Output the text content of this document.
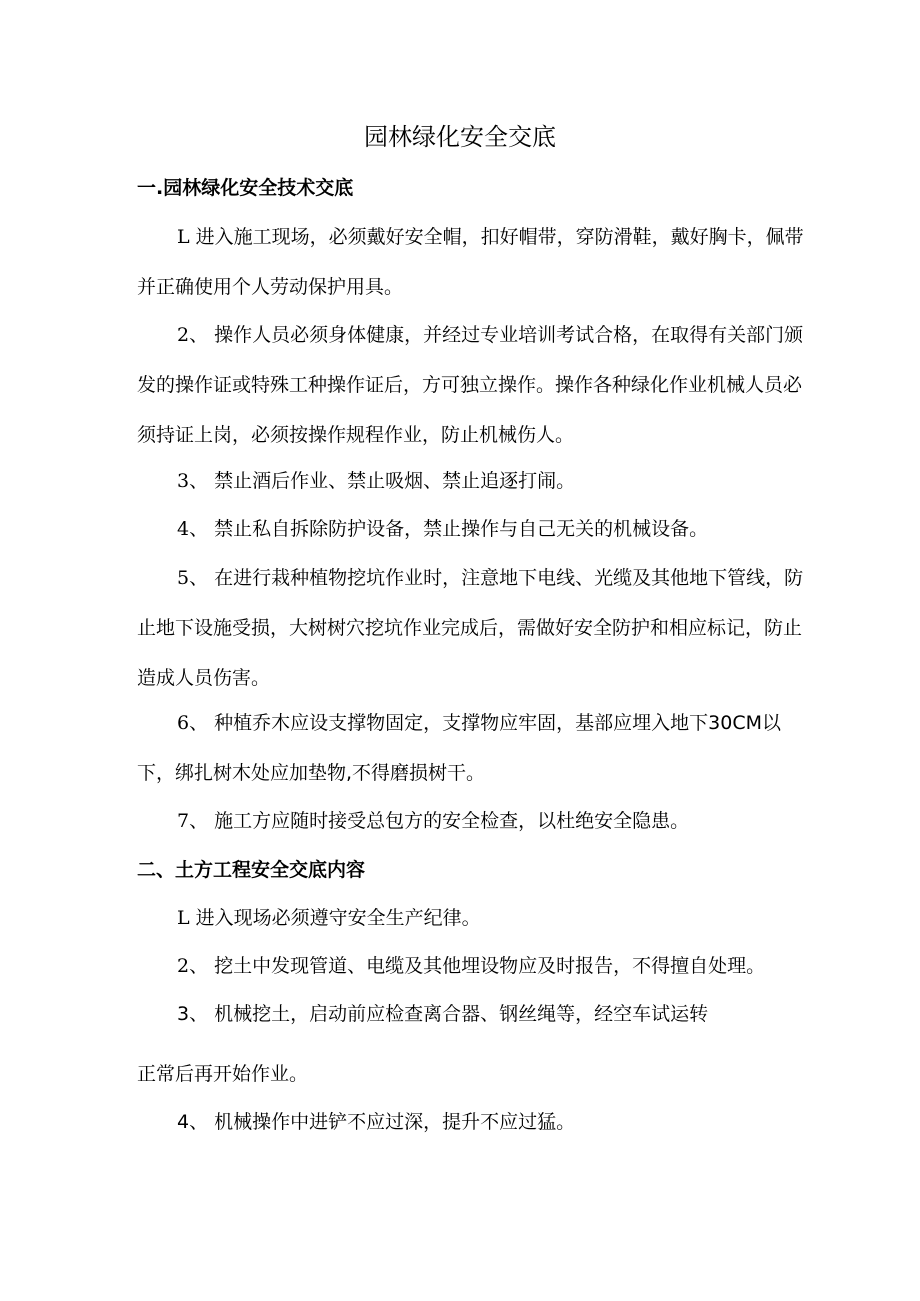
园林绿化安全交底
一.园林绿化安全技术交底

L 进入施工现场，必须戴好安全帽，扣好帽带，穿防滑鞋，戴好胸卡，佩带并正确使用个人劳动保护用具。

2、 操作人员必须身体健康，并经过专业培训考试合格，在取得有关部门颁发的操作证或特殊工种操作证后，方可独立操作。操作各种绿化作业机械人员必须持证上岗，必须按操作规程作业，防止机械伤人。

3、 禁止酒后作业、禁止吸烟、禁止追逐打闹。

4、 禁止私自拆除防护设备，禁止操作与自己无关的机械设备。

5、 在进行栽种植物挖坑作业时，注意地下电线、光缆及其他地下管线，防止地下设施受损，大树树穴挖坑作业完成后，需做好安全防护和相应标记，防止造成人员伤害。

6、 种植乔木应设支撑物固定，支撑物应牢固，基部应埋入地下30CM以下，绑扎树木处应加垫物,不得磨损树干。

7、 施工方应随时接受总包方的安全检查，以杜绝安全隐患。

二、土方工程安全交底内容

L 进入现场必须遵守安全生产纪律。

2、 挖土中发现管道、电缆及其他埋设物应及时报告，不得擅自处理。

3、 机械挖土，启动前应检查离合器、钢丝绳等，经空车试运转
正常后再开始作业。
4、 机械操作中进铲不应过深，提升不应过猛。
